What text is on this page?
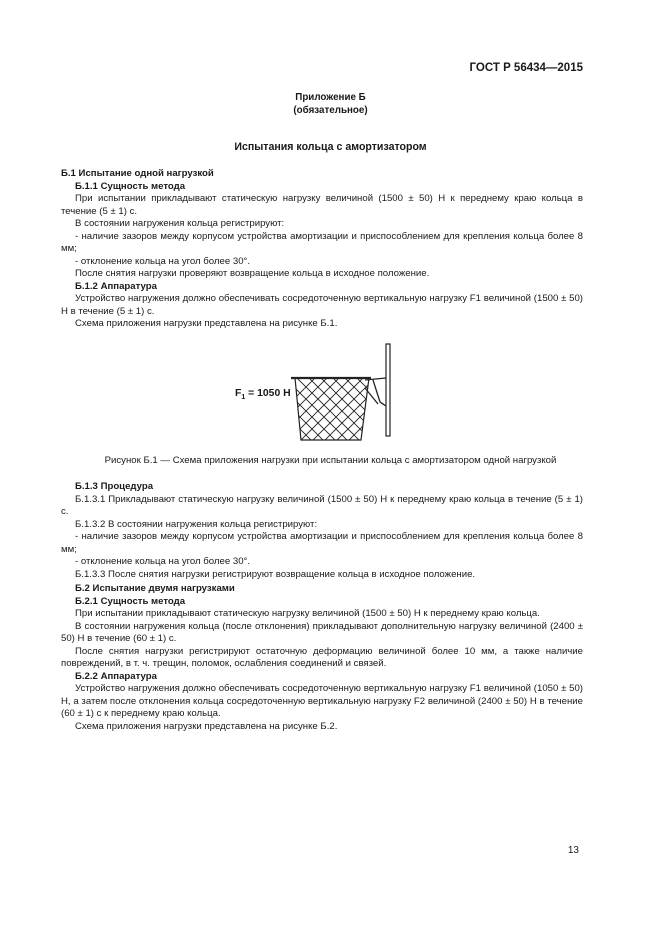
ГОСТ Р 56434—2015
Приложение Б
(обязательное)
Испытания кольца с амортизатором

Б.1 Испытание одной нагрузкой

Б.1.1 Сущность метода

При испытании прикладывают статическую нагрузку величиной (1500 ± 50) Н к переднему краю кольца в течение (5 ± 1) с.

В состоянии нагружения кольца регистрируют:

- наличие зазоров между корпусом устройства амортизации и приспособлением для крепления кольца более 8 мм;

- отклонение кольца на угол более 30°.

После снятия нагрузки проверяют возвращение кольца в исходное положение.

Б.1.2 Аппаратура

Устройство нагружения должно обеспечивать сосредоточенную вертикальную нагрузку F1 величиной (1500 ± 50) Н в течение (5 ± 1) с.

Схема приложения нагрузки представлена на рисунке Б.1.

$F_1 = 1050$ Н
Рисунок Б.1 — Схема приложения нагрузки при испытании кольца с амортизатором одной нагрузкой

Б.1.3 Процедура

Б.1.3.1 Прикладывают статическую нагрузку величиной (1500 ± 50) Н к переднему краю кольца в течение (5 ± 1) с.

Б.1.3.2 В состоянии нагружения кольца регистрируют:

- наличие зазоров между корпусом устройства амортизации и приспособлением для крепления кольца более 8 мм;

- отклонение кольца на угол более 30°.

Б.1.3.3 После снятия нагрузки регистрируют возвращение кольца в исходное положение.

Б.2 Испытание двумя нагрузками

Б.2.1 Сущность метода

При испытании прикладывают статическую нагрузку величиной (1500 ± 50) Н к переднему краю кольца.

В состоянии нагружения кольца (после отклонения) прикладывают дополнительную нагрузку величиной (2400 ± 50) Н в течение (60 ± 1) с.

После снятия нагрузки регистрируют остаточную деформацию величиной более 10 мм, а также наличие повреждений, в т. ч. трещин, поломок, ослабления соединений и связей.

Б.2.2 Аппаратура

Устройство нагружения должно обеспечивать сосредоточенную вертикальную нагрузку F1 величиной (1050 ± 50) Н, а затем после отклонения кольца сосредоточенную вертикальную нагрузку F2 величиной (2400 ± 50) Н в течение (60 ± 1) с к переднему краю кольца.

Схема приложения нагрузки представлена на рисунке Б.2.

13
